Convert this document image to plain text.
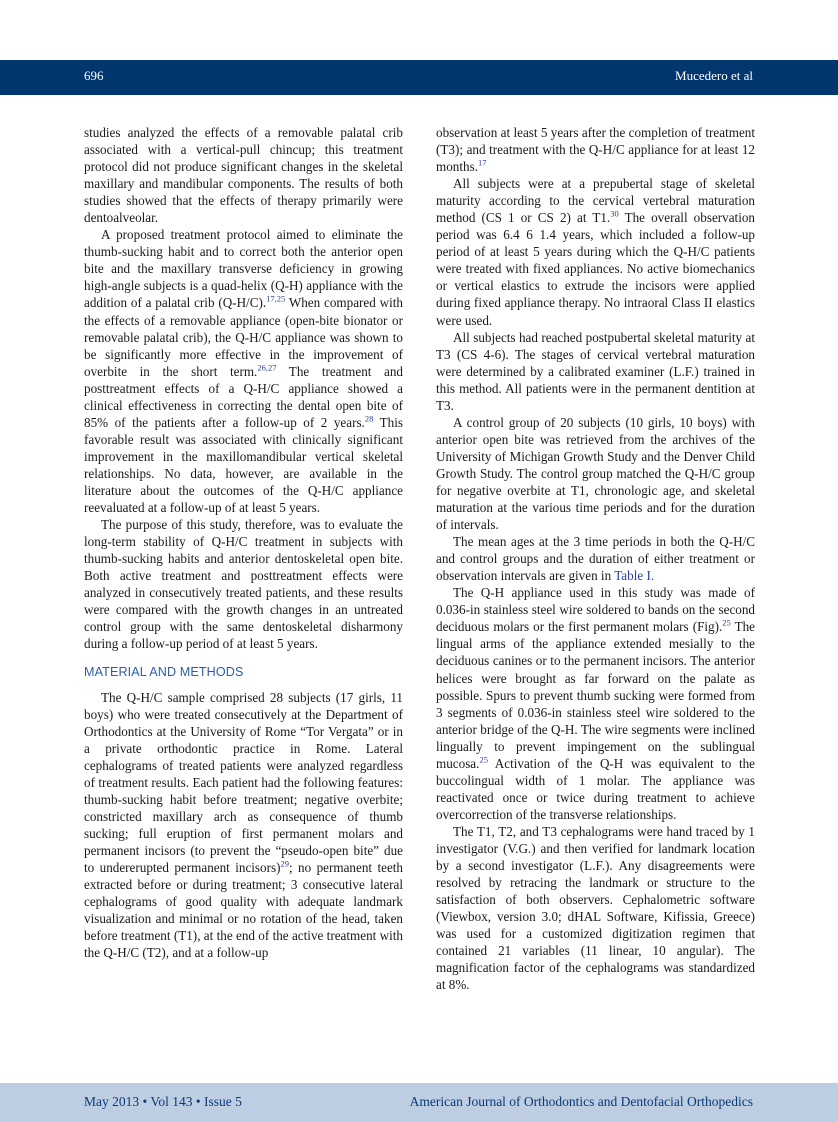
696	Mucedero et al

studies analyzed the effects of a removable palatal crib associated with a vertical-pull chincup; this treatment protocol did not produce significant changes in the skeletal maxillary and mandibular components. The results of both studies showed that the effects of therapy primarily were dentoalveolar.

A proposed treatment protocol aimed to eliminate the thumb-sucking habit and to correct both the anterior open bite and the maxillary transverse deficiency in growing high-angle subjects is a quad-helix (Q-H) appliance with the addition of a palatal crib (Q-H/C).$^{17,25}$ When compared with the effects of a removable appliance (open-bite bionator or removable palatal crib), the Q-H/C appliance was shown to be significantly more effective in the improvement of overbite in the short term.$^{26,27}$ The treatment and posttreatment effects of a Q-H/C appliance showed a clinical effectiveness in correcting the dental open bite of 85% of the patients after a follow-up of 2 years.$^{28}$ This favorable result was associated with clinically significant improvement in the maxillomandibular vertical skeletal relationships. No data, however, are available in the literature about the outcomes of the Q-H/C appliance reevaluated at a follow-up of at least 5 years.

The purpose of this study, therefore, was to evaluate the long-term stability of Q-H/C treatment in subjects with thumb-sucking habits and anterior dentoskeletal open bite. Both active treatment and posttreatment effects were analyzed in consecutively treated patients, and these results were compared with the growth changes in an untreated control group with the same dentoskeletal disharmony during a follow-up period of at least 5 years.

MATERIAL AND METHODS

The Q-H/C sample comprised 28 subjects (17 girls, 11 boys) who were treated consecutively at the Department of Orthodontics at the University of Rome “Tor Vergata” or in a private orthodontic practice in Rome. Lateral cephalograms of treated patients were analyzed regardless of treatment results. Each patient had the following features: thumb-sucking habit before treatment; negative overbite; constricted maxillary arch as consequence of thumb sucking; full eruption of first permanent molars and permanent incisors (to prevent the “pseudo-open bite” due to undererupted permanent incisors)$^{29}$; no permanent teeth extracted before or during treatment; 3 consecutive lateral cephalograms of good quality with adequate landmark visualization and minimal or no rotation of the head, taken before treatment (T1), at the end of the active treatment with the Q-H/C (T2), and at a follow-up

observation at least 5 years after the completion of treatment (T3); and treatment with the Q-H/C appliance for at least 12 months.$^{17}$

All subjects were at a prepubertal stage of skeletal maturity according to the cervical vertebral maturation method (CS 1 or CS 2) at T1.30 The overall observation period was 6.4 6 1.4 years, which included a follow-up period of at least 5 years during which the Q-H/C patients were treated with fixed appliances. No active biomechanics or vertical elastics to extrude the incisors were applied during fixed appliance therapy. No intraoral Class II elastics were used.

All subjects had reached postpubertal skeletal maturity at T3 (CS 4-6). The stages of cervical vertebral maturation were determined by a calibrated examiner (L.F.) trained in this method. All patients were in the permanent dentition at T3.

A control group of 20 subjects (10 girls, 10 boys) with anterior open bite was retrieved from the archives of the University of Michigan Growth Study and the Denver Child Growth Study. The control group matched the Q-H/C group for negative overbite at T1, chronologic age, and skeletal maturation at the various time periods and for the duration of intervals.

The mean ages at the 3 time periods in both the Q-H/C and control groups and the duration of either treatment or observation intervals are given in Table I.

The Q-H appliance used in this study was made of 0.036-in stainless steel wire soldered to bands on the second deciduous molars or the first permanent molars (Fig).$^{25}$ The lingual arms of the appliance extended mesially to the deciduous canines or to the permanent incisors. The anterior helices were brought as far forward on the palate as possible. Spurs to prevent thumb sucking were formed from 3 segments of 0.036-in stainless steel wire soldered to the anterior bridge of the Q-H. The wire segments were inclined lingually to prevent impingement on the sublingual mucosa.$^{25}$ Activation of the Q-H was equivalent to the buccolingual width of 1 molar. The appliance was reactivated once or twice during treatment to achieve overcorrection of the transverse relationships.

The T1, T2, and T3 cephalograms were hand traced by 1 investigator (V.G.) and then verified for landmark location by a second investigator (L.F.). Any disagreements were resolved by retracing the landmark or structure to the satisfaction of both observers. Cephalometric software (Viewbox, version 3.0; dHAL Software, Kifissia, Greece) was used for a customized digitization regimen that contained 21 variables (11 linear, 10 angular). The magnification factor of the cephalograms was standardized at 8%.

May 2013 • Vol 143 • Issue 5	American Journal of Orthodontics and Dentofacial Orthopedics
